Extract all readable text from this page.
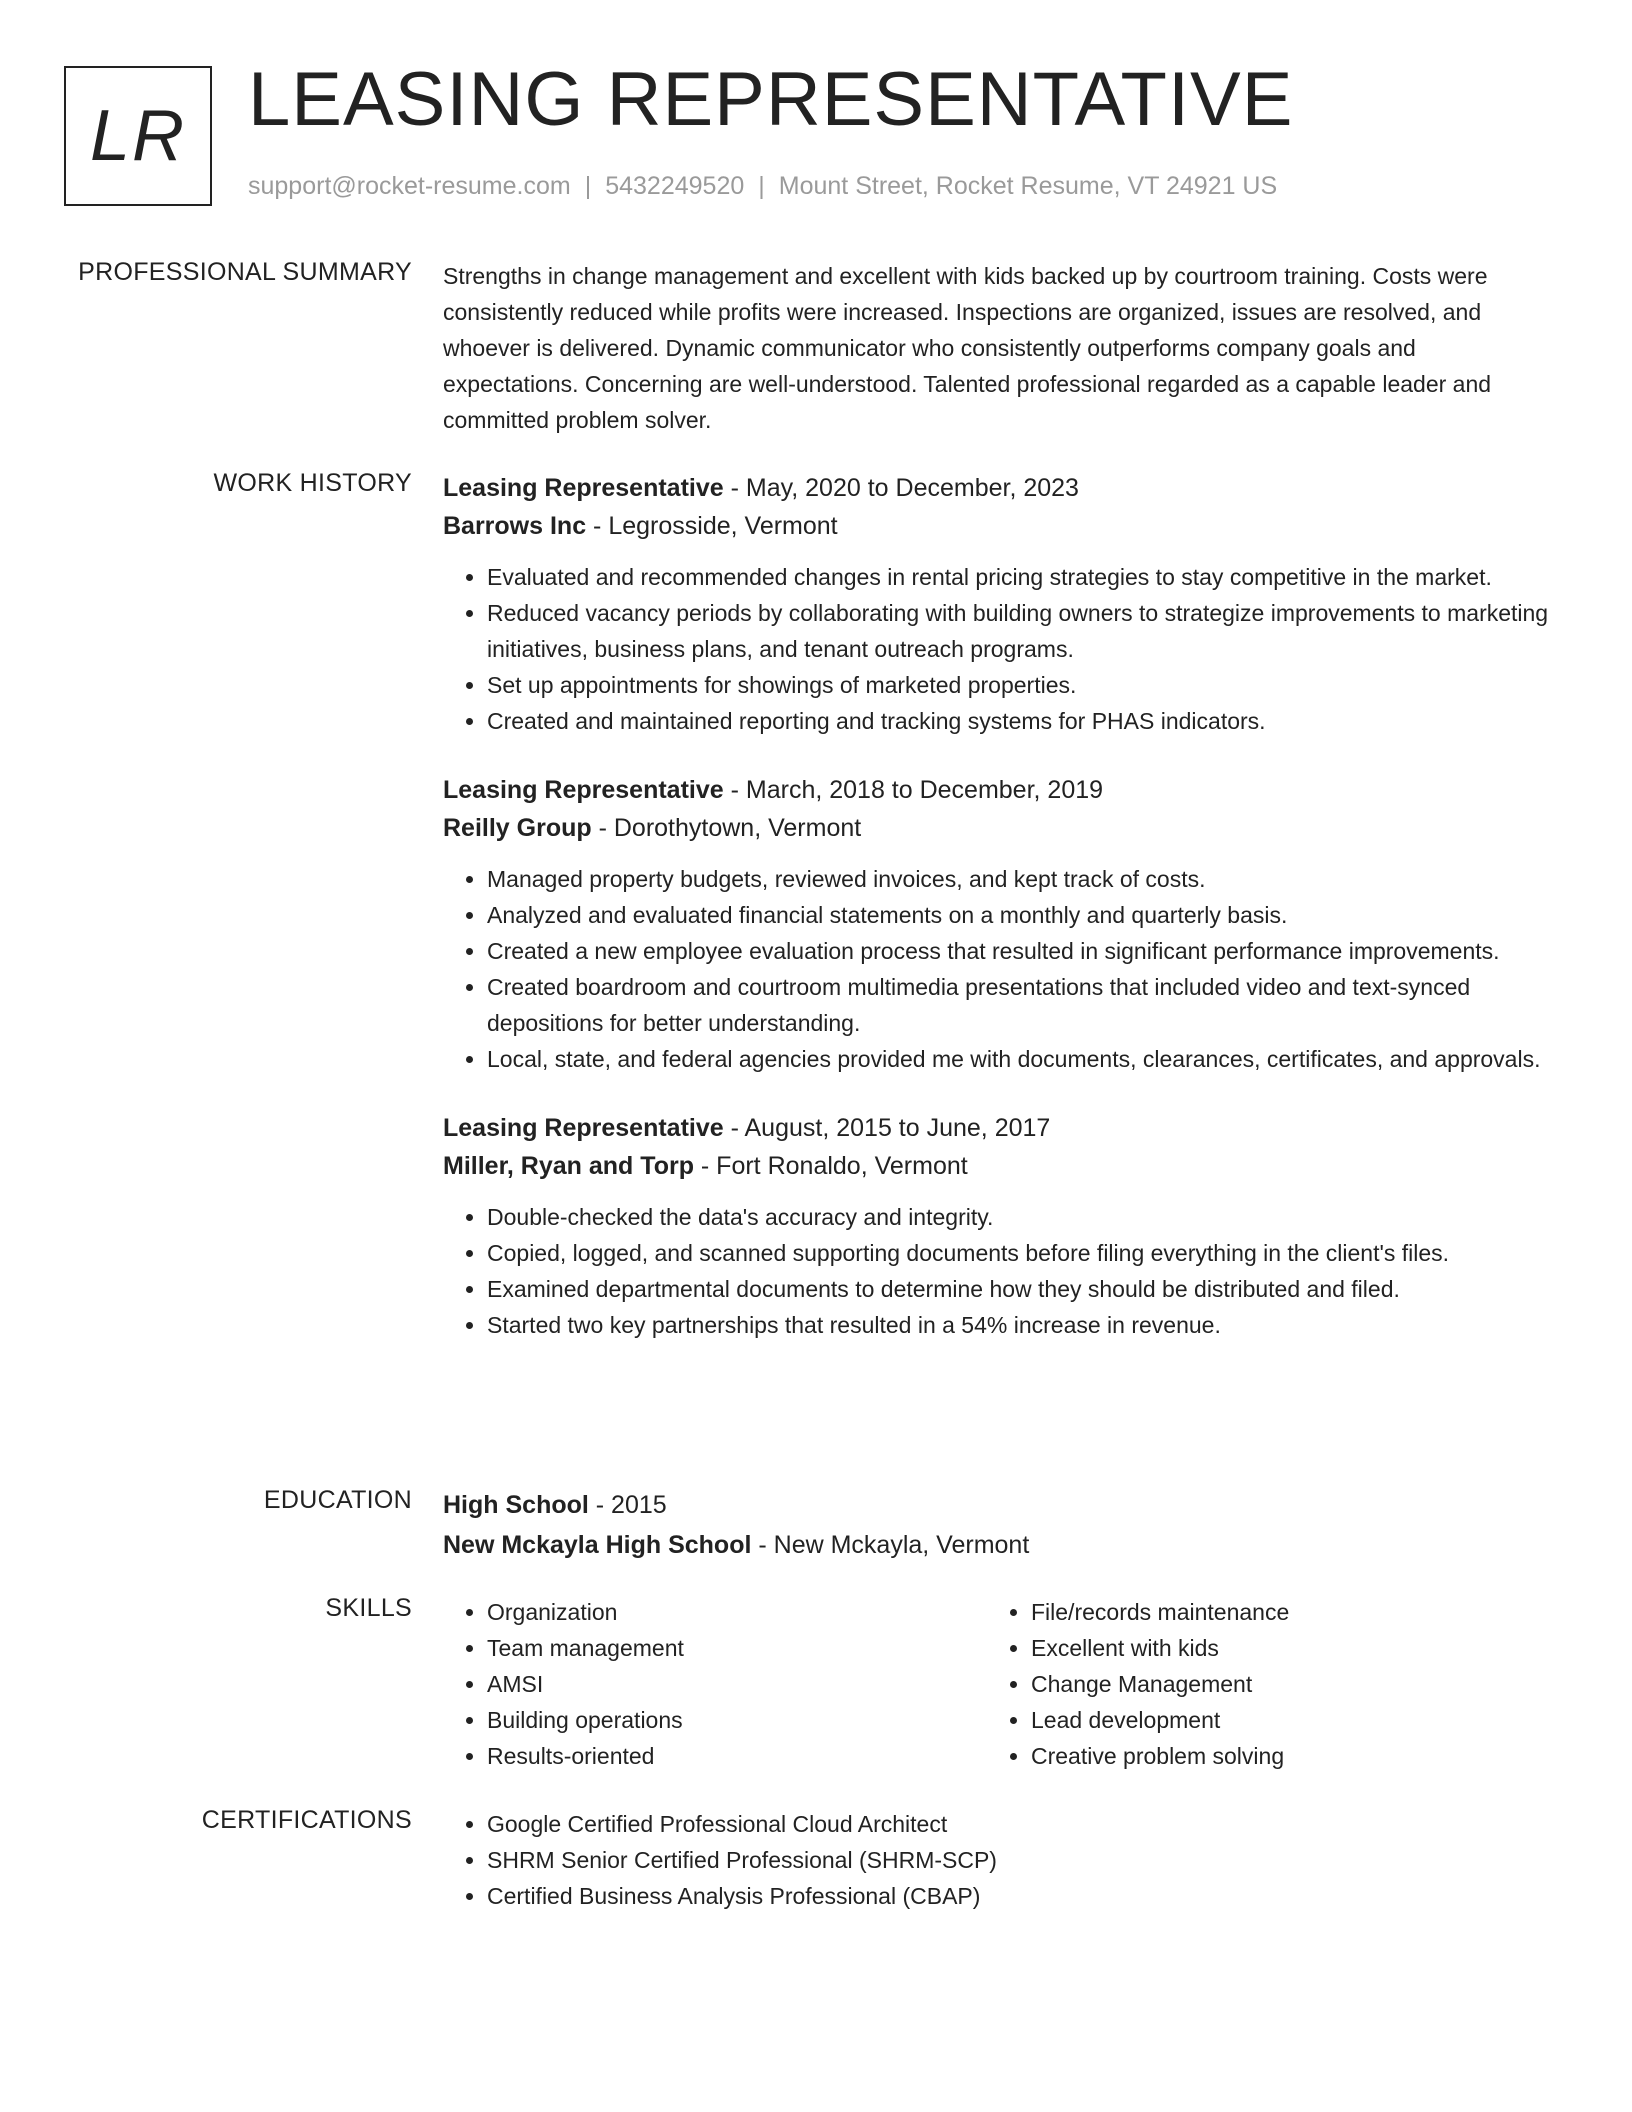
LR LEASING REPRESENTATIVE
support@rocket-resume.com | 5432249520 | Mount Street, Rocket Resume, VT 24921 US
PROFESSIONAL SUMMARY Strengths in change management and excellent with kids backed up by courtroom training. Costs were consistently reduced while profits were increased. Inspections are organized, issues are resolved, and whoever is delivered. Dynamic communicator who consistently outperforms company goals and expectations. Concerning are well-understood. Talented professional regarded as a capable leader and committed problem solver.

WORK HISTORY Leasing Representative - May, 2020 to December, 2023
Barrows Inc - Legrosside, Vermont
• Evaluated and recommended changes in rental pricing strategies to stay competitive in the market.
• Reduced vacancy periods by collaborating with building owners to strategize improvements to marketing initiatives, business plans, and tenant outreach programs.
• Set up appointments for showings of marketed properties.
• Created and maintained reporting and tracking systems for PHAS indicators.
Leasing Representative - March, 2018 to December, 2019
Reilly Group - Dorothytown, Vermont
• Managed property budgets, reviewed invoices, and kept track of costs.
• Analyzed and evaluated financial statements on a monthly and quarterly basis.
• Created a new employee evaluation process that resulted in significant performance improvements.
• Created boardroom and courtroom multimedia presentations that included video and text-synced depositions for better understanding.
• Local, state, and federal agencies provided me with documents, clearances, certificates, and approvals.
Leasing Representative - August, 2015 to June, 2017
Miller, Ryan and Torp - Fort Ronaldo, Vermont
• Double-checked the data's accuracy and integrity.
• Copied, logged, and scanned supporting documents before filing everything in the client's files.
• Examined departmental documents to determine how they should be distributed and filed.
• Started two key partnerships that resulted in a 54% increase in revenue.
EDUCATION High School - 2015
New Mckayla High School - New Mckayla, Vermont
SKILLS	• Organization
• Team management
• AMSI
• Building operations
• Results-oriented
• File/records maintenance
• Excellent with kids
• Change Management
• Lead development
• Creative problem solving
CERTIFICATIONS	• Google Certified Professional Cloud Architect
• SHRM Senior Certified Professional (SHRM-SCP)
• Certified Business Analysis Professional (CBAP)
